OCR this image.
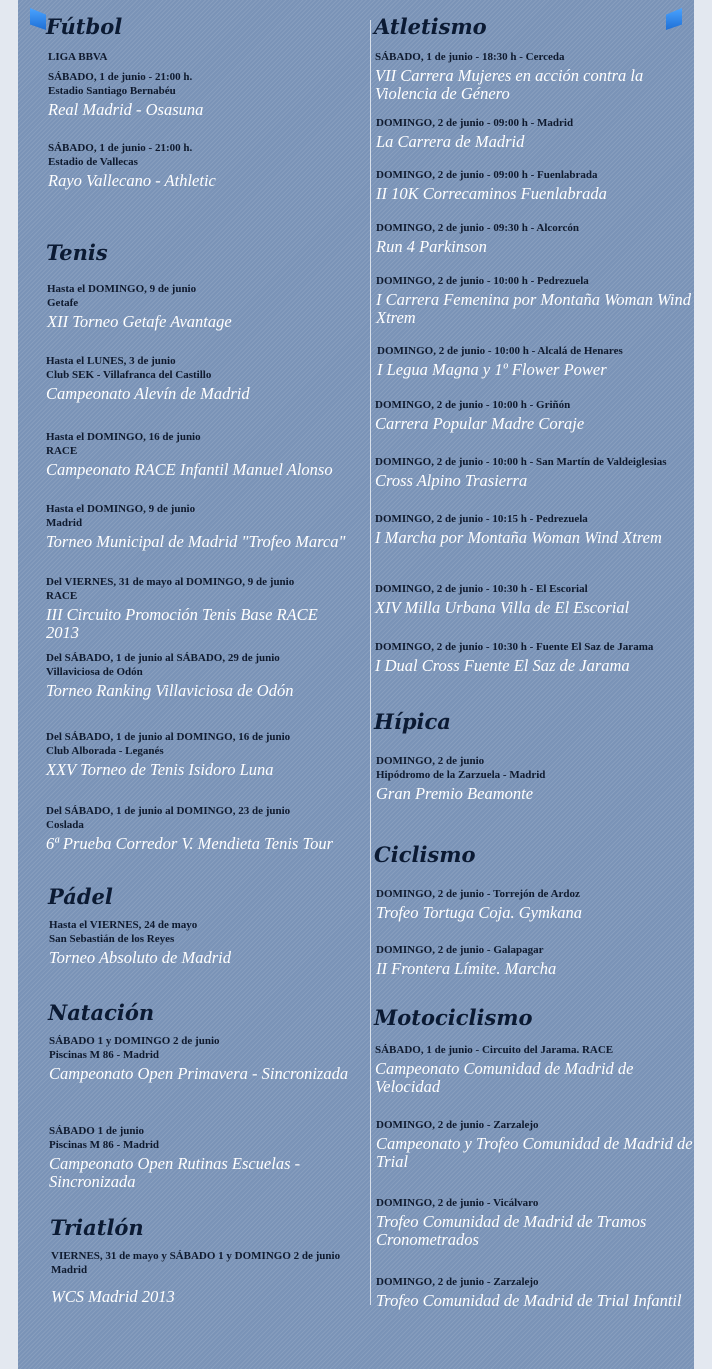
Fútbol
LIGA BBVA
SÁBADO, 1 de junio - 21:00 h.
Estadio Santiago Bernabéu
Real Madrid - Osasuna
SÁBADO, 1 de junio - 21:00 h.
Estadio de Vallecas
Rayo Vallecano - Athletic
Tenis
Hasta el DOMINGO, 9 de junio
Getafe
XII Torneo Getafe Avantage
Hasta el LUNES, 3 de junio
Club SEK - Villafranca del Castillo
Campeonato Alevín de Madrid
Hasta el DOMINGO, 16 de junio
RACE
Campeonato RACE Infantil Manuel Alonso
Hasta el DOMINGO, 9 de junio
Madrid
Torneo Municipal de Madrid "Trofeo Marca"
Del VIERNES, 31 de mayo al DOMINGO, 9 de junio
RACE
III Circuito Promoción Tenis Base RACE 2013
Del SÁBADO, 1 de junio al SÁBADO, 29 de junio
Villaviciosa de Odón
Torneo Ranking Villaviciosa de Odón
Del SÁBADO, 1 de junio al DOMINGO, 16 de junio
Club Alborada - Leganés
XXV Torneo de Tenis Isidoro Luna
Del SÁBADO, 1 de junio al DOMINGO, 23 de junio
Coslada
6ª Prueba Corredor V. Mendieta Tenis Tour
Pádel
Hasta el VIERNES, 24 de mayo
San Sebastián de los Reyes
Torneo Absoluto de Madrid
Natación
SÁBADO 1 y DOMINGO 2 de junio
Piscinas M 86 - Madrid
Campeonato Open Primavera - Sincronizada
SÁBADO 1 de junio
Piscinas M 86 - Madrid
Campeonato Open Rutinas Escuelas - Sincronizada
Triatlón
VIERNES, 31 de mayo y SÁBADO 1 y DOMINGO 2 de junio
Madrid
WCS Madrid 2013
Atletismo
SÁBADO, 1 de junio - 18:30 h - Cerceda
VII Carrera Mujeres en acción contra la Violencia de Género
DOMINGO, 2 de junio - 09:00 h - Madrid
La Carrera de Madrid
DOMINGO, 2 de junio - 09:00 h - Fuenlabrada
II 10K Correcaminos Fuenlabrada
DOMINGO, 2 de junio - 09:30 h - Alcorcón
Run 4 Parkinson
DOMINGO, 2 de junio - 10:00 h - Pedrezuela
I Carrera Femenina por Montaña Woman Wind Xtrem
DOMINGO, 2 de junio - 10:00 h - Alcalá de Henares
I Legua Magna y 1º Flower Power
DOMINGO, 2 de junio - 10:00 h - Griñón
Carrera Popular Madre Coraje
DOMINGO, 2 de junio - 10:00 h - San Martín de Valdeiglesias
Cross Alpino Trasierra
DOMINGO, 2 de junio - 10:15 h - Pedrezuela
I Marcha por Montaña Woman Wind Xtrem
DOMINGO, 2 de junio - 10:30 h - El Escorial
XIV Milla Urbana Villa de El Escorial
DOMINGO, 2 de junio - 10:30 h - Fuente El Saz de Jarama
I Dual Cross Fuente El Saz de Jarama
Hípica
DOMINGO, 2 de junio
Hipódromo de la Zarzuela - Madrid
Gran Premio Beamonte
Ciclismo
DOMINGO, 2 de junio - Torrejón de Ardoz
Trofeo Tortuga Coja. Gymkana
DOMINGO, 2 de junio - Galapagar
II Frontera Límite. Marcha
Motociclismo
SÁBADO, 1 de junio - Circuito del Jarama. RACE
Campeonato Comunidad de Madrid de Velocidad
DOMINGO, 2 de junio - Zarzalejo
Campeonato y Trofeo Comunidad de Madrid de Trial
DOMINGO, 2 de junio - Vicálvaro
Trofeo Comunidad de Madrid de Tramos Cronometrados
DOMINGO, 2 de junio - Zarzalejo
Trofeo Comunidad de Madrid de Trial Infantil
